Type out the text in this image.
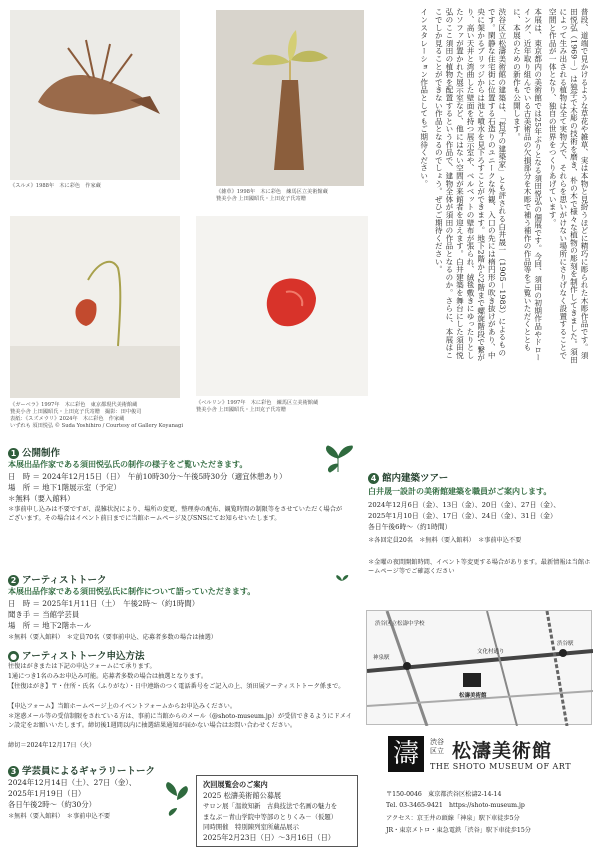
《スルメ》1988年　木に彩色　作家蔵
《雑草》1998年　木に彩色　練馬区立美術館蔵
贊美小舎 上田國昭氏・上田克子氏寄贈	普段、道端で見かけるような草花や雑草、実は本物と見紛うほどに精巧に彫られた木彫作品です。須田悦弘（1969－）は独学で木彫の技術を磨き、朴の木で様々な植物の彫刻を制作してきました。須田によって生み出される植物は全て実物大で、それらを思いがけない場所にさりげなく設置することで空間と作品が一体となり、独自の世界をつくりあげています。

本展は、東京都内の美術館では25年ぶりとなる須田悦弘の個展です。今回、須田の初期作品やドローイング、近年取り組んでいる古美術品の欠損部分を木彫で補う補作の作品等をご覧いただくとともに、本展のための新作も公開します。

渋谷区立松濤美術館の建築は、「哲学の建築家」とも評される白井晟一（1905－1983）によるものです。閑静な住宅街に位置する石造りのユニークな外観、入口の先には楕円形の吹き抜けがあり、中央に架かるブリッジからは池と噴水を見下ろすことができます。地下2階から2階まで螺旋階段で繋がり、高い天井と湾曲した壁面を持つ展示室や、ベルベットの壁布が張られ、絨毯敷きにゆったりとしたソファが置かれた展示室など、他にはない空間が来館者を迎えます。白井建築を舞台にした須田悦弘のここ須田の植物を配置するという作品で、建物全体が須田の作品となるのか。さらに、本展はここでしか見ることができない作品となるのでしょう。ぜひご期待ください。

インスタレーション作品としてもご期待ください。

《ガーベラ》1997年　木に彩色　東京都現代美術館蔵
贊美小舎 上田國昭氏・上田克子氏寄贈　撮影：田中俊司
表紙：《スズメウリ》2024年　木に彩色　作家蔵
いずれも 須田悦弘 © Suda Yoshihiro / Courtesy of Gallery Koyanagi
《ベルリン》1997年　木に彩色　練馬区立美術館蔵
贊美小舎 上田國昭氏・上田克子氏寄贈
1 公開制作
本展出品作家である須田悦弘氏の制作の様子をご覧いただきます。
日　時 ＝ 2024年12月15日（日）　午前10時30分～午後5時30分（適宜休憩あり）
場　所 ＝ 地下1階展示室（予定）
＊無料（要入館料）
＊事前申し込みは不要ですが、混雑状況により、場所の変更、整理券の配布、観覧時間の制限等をさせていただく場合がございます。その場合はイベント前日までに当館ホームページ及びSNSにてお知らせいたします。
2 アーティストトーク
本展出品作家である須田悦弘氏に制作について語っていただきます。
日　時 ＝ 2025年1月11日（土）　午後2時～（約1時間）
聞き手 ＝ 当館学芸員
場　所 ＝ 地下2階ホール
＊無料（要入館料）　＊定員70名（要事前申込、応募者多数の場合は抽選）
● アーティストトーク申込方法
往復はがきまたは下記の申込フォームにて承ります。
1通につき1名のみお申込み可能。応募者多数の場合は抽選となります。
【往復はがき】〒・住所・氏名（ふりがな）・日中連絡のつく電話番号をご記入の上、須田展アーティストトーク係まで。
【申込フォーム】当館ホームページ上のイベントフォームからお申込みください。
＊迷惑メール等の受信制限をされている方は、事前に当館からのメール（@shoto-museum.jp）が受信できるようにドメイン設定をお願いいたします。締切後1週間以内に抽選結果通知が届かない場合はお問い合わせください。
締切＝2024年12月17日（火）
3 学芸員によるギャラリートーク
2024年12月14日（土）、27日（金）、
2025年1月19日（日）
各日午後2時～（約30分）
＊無料（要入館料）　＊事前申込不要
次回展覧会のご案内
2025 松濤美術館公募展
サロン展「温故知新　古典技法で名画の魅力を
まなぶ－青山学院中等部のとりくみ－（仮題）
同時開催　特別陳列室所蔵品展示
2025年2月23日（日）～3月16日（日）
4 館内建築ツアー
白井晟一設計の美術館建築を職員がご案内します。
2024年12月6日（金）、13日（金）、20日（金）、27日（金）、
2025年1月10日（金）、17日（金）、24日（金）、31日（金）
各日午後6時～（約1時間）
＊各回定員20名　＊無料（要入館料）　＊事前申込不要
＊金曜の夜間開館時間、イベント等変更する場合があります。最新情報は当館ホームページ等でご確認ください
神泉駅
渋谷駅
松濤美術館
文化村通り
渋谷区立松濤中学校
濤	渋谷
区立 松濤美術館
THE SHOTO MUSEUM OF ART
〒150-0046　東京都渋谷区松濤2-14-14
Tel. 03-3465-9421　https://shoto-museum.jp
アクセス：京王井の頭線「神泉」駅下車徒歩5分
JR・東京メトロ・東急電鉄「渋谷」駅下車徒歩15分
